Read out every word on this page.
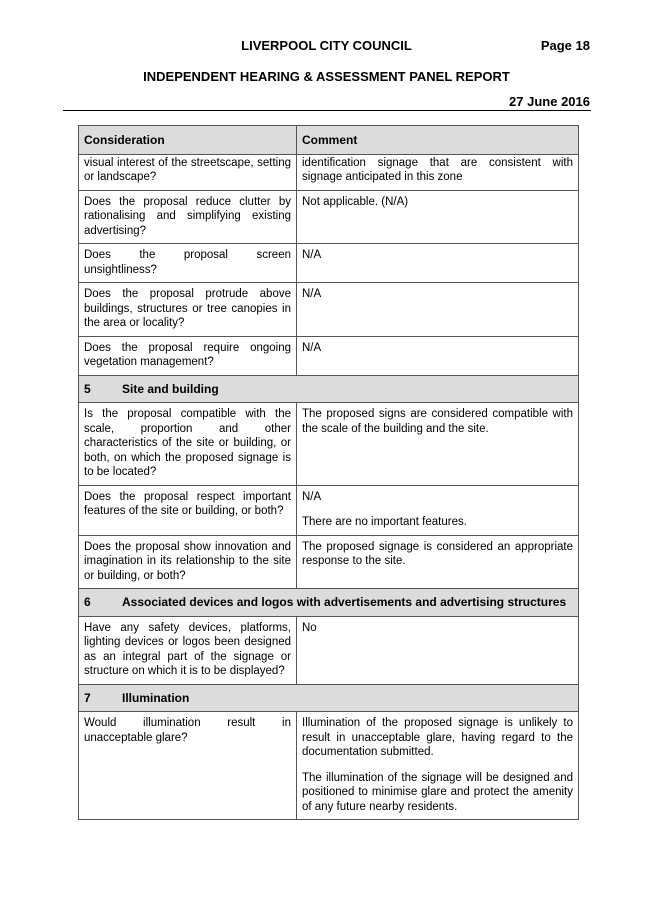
LIVERPOOL CITY COUNCIL	Page 18
INDEPENDENT HEARING & ASSESSMENT PANEL REPORT
27 June 2016
Consideration	Comment
visual interest of the streetscape, setting or landscape?	identification signage that are consistent with signage anticipated in this zone
Does the proposal reduce clutter by rationalising and simplifying existing advertising?	Not applicable. (N/A)
Does the proposal screen unsightliness?	N/A
Does the proposal protrude above buildings, structures or tree canopies in the area or locality?	N/A
Does the proposal require ongoing vegetation management?	N/A
5 Site and building	
Is the proposal compatible with the scale, proportion and other characteristics of the site or building, or both, on which the proposed signage is to be located?	The proposed signs are considered compatible with the scale of the building and the site.
Does the proposal respect important features of the site or building, or both?	N/A

There are no important features.

Does the proposal show innovation and imagination in its relationship to the site or building, or both?	The proposed signage is considered an appropriate response to the site.
6 Associated devices and logos with advertisements and advertising structures	
Have any safety devices, platforms, lighting devices or logos been designed as an integral part of the signage or structure on which it is to be displayed?	No
7 Illumination	
Would illumination result in unacceptable glare?	Illumination of the proposed signage is unlikely to result in unacceptable glare, having regard to the documentation submitted.

The illumination of the signage will be designed and positioned to minimise glare and protect the amenity of any future nearby residents.
